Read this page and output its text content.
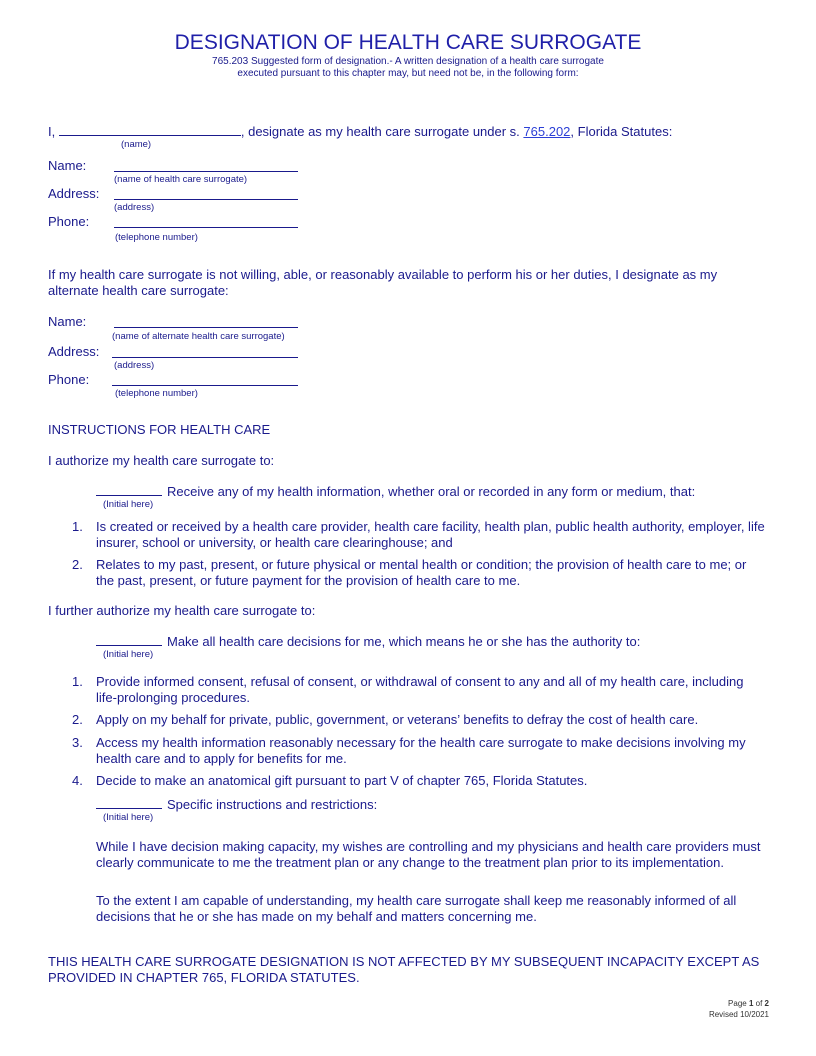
DESIGNATION OF HEALTH CARE SURROGATE
765.203 Suggested form of designation.- A written designation of a health care surrogate
executed pursuant to this chapter may, but need not be, in the following form:
I,	, designate as my health care surrogate under s. 765.202, Florida Statutes:
(name)
Name:
(name of health care surrogate)
Address:
(address)
Phone:
(telephone number)
If my health care surrogate is not willing, able, or reasonably available to perform his or her duties, I designate as my alternate health care surrogate:
Name:
(name of alternate health care surrogate)
Address:
(address)
Phone:
(telephone number)
INSTRUCTIONS FOR HEALTH CARE
I authorize my health care surrogate to:
Receive any of my health information, whether oral or recorded in any form or medium, that:
(Initial here)
1. Is created or received by a health care provider, health care facility, health plan, public health authority, employer, life insurer, school or university, or health care clearinghouse; and
2. Relates to my past, present, or future physical or mental health or condition; the provision of health care to me; or the past, present, or future payment for the provision of health care to me.
I further authorize my health care surrogate to:
Make all health care decisions for me, which means he or she has the authority to:
(Initial here)
1. Provide informed consent, refusal of consent, or withdrawal of consent to any and all of my health care, including life-prolonging procedures.
2. Apply on my behalf for private, public, government, or veterans’ benefits to defray the cost of health care.
3. Access my health information reasonably necessary for the health care surrogate to make decisions involving my health care and to apply for benefits for me.
4. Decide to make an anatomical gift pursuant to part V of chapter 765, Florida Statutes.
Specific instructions and restrictions:
(Initial here)
While I have decision making capacity, my wishes are controlling and my physicians and health care providers must clearly communicate to me the treatment plan or any change to the treatment plan prior to its implementation.
To the extent I am capable of understanding, my health care surrogate shall keep me reasonably informed of all decisions that he or she has made on my behalf and matters concerning me.
THIS HEALTH CARE SURROGATE DESIGNATION IS NOT AFFECTED BY MY SUBSEQUENT INCAPACITY EXCEPT AS PROVIDED IN CHAPTER 765, FLORIDA STATUTES.
Page 1 of 2
Revised 10/2021
